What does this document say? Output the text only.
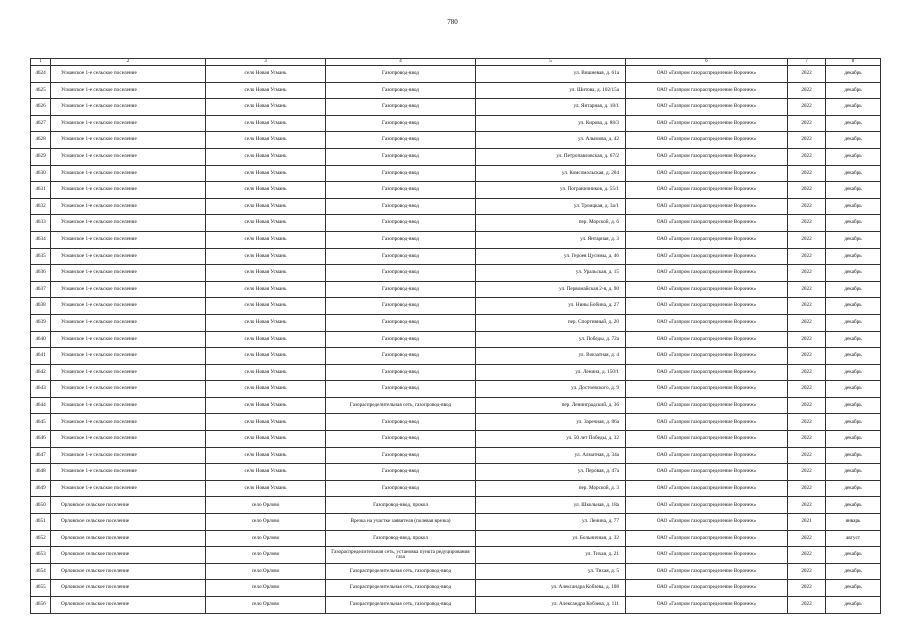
780
1	2	3	4	5	6	7	8
4624	Усманское 1-е сельское поселение	село Новая Усмань	Газопровод-ввод	ул. Вишневая, д. 61а	ОАО «Газпром газораспределение Воронеж»	2022	декабрь
4625	Усманское 1-е сельское поселение	село Новая Усмань	Газопровод-ввод	ул. Шитова, д. 102/15а	ОАО «Газпром газораспределение Воронеж»	2022	декабрь
4626	Усманское 1-е сельское поселение	село Новая Усмань	Газопровод-ввод	ул. Янтарная, д. 18/1	ОАО «Газпром газораспределение Воронеж»	2022	декабрь
4627	Усманское 1-е сельское поселение	село Новая Усмань	Газопровод-ввод	ул. Кирова, д. 88/3	ОАО «Газпром газораспределение Воронеж»	2022	декабрь
4628	Усманское 1-е сельское поселение	село Новая Усмань	Газопровод-ввод	ул. Алымова, д. 42	ОАО «Газпром газораспределение Воронеж»	2022	декабрь
4629	Усманское 1-е сельское поселение	село Новая Усмань	Газопровод-ввод	ул. Петропавловская, д. 67/2	ОАО «Газпром газораспределение Воронеж»	2022	декабрь
4630	Усманское 1-е сельское поселение	село Новая Усмань	Газопровод-ввод	ул. Комсомольская, д. 204	ОАО «Газпром газораспределение Воронеж»	2022	декабрь
4631	Усманское 1-е сельское поселение	село Новая Усмань	Газопровод-ввод	ул. Пограничников, д. 55/1	ОАО «Газпром газораспределение Воронеж»	2022	декабрь
4632	Усманское 1-е сельское поселение	село Новая Усмань	Газопровод-ввод	ул. Троицкая, д. 3а/1	ОАО «Газпром газораспределение Воронеж»	2022	декабрь
4633	Усманское 1-е сельское поселение	село Новая Усмань	Газопровод-ввод	пер. Морской, д. 6	ОАО «Газпром газораспределение Воронеж»	2022	декабрь
4634	Усманское 1-е сельское поселение	село Новая Усмань	Газопровод-ввод	ул. Янтарная, д. 3	ОАО «Газпром газораспределение Воронеж»	2022	декабрь
4635	Усманское 1-е сельское поселение	село Новая Усмань	Газопровод-ввод	ул. Героев Цусимы, д. 46	ОАО «Газпром газораспределение Воронеж»	2022	декабрь
4636	Усманское 1-е сельское поселение	село Новая Усмань	Газопровод-ввод	ул. Уральская, д. 15	ОАО «Газпром газораспределение Воронеж»	2022	декабрь
4637	Усманское 1-е сельское поселение	село Новая Усмань	Газопровод-ввод	ул. Первомайская 2-я, д. 90	ОАО «Газпром газораспределение Воронеж»	2022	декабрь
4638	Усманское 1-е сельское поселение	село Новая Усмань	Газопровод-ввод	ул. Нины Бобина, д. 27	ОАО «Газпром газораспределение Воронеж»	2022	декабрь
4639	Усманское 1-е сельское поселение	село Новая Усмань	Газопровод-ввод	пер. Спортивный, д. 20	ОАО «Газпром газораспределение Воронеж»	2022	декабрь
4640	Усманское 1-е сельское поселение	село Новая Усмань	Газопровод-ввод	ул. Победы, д. 72а	ОАО «Газпром газораспределение Воронеж»	2022	декабрь
4641	Усманское 1-е сельское поселение	село Новая Усмань	Газопровод-ввод	ул. Вокзатная, д. 4	ОАО «Газпром газораспределение Воронеж»	2022	декабрь
4642	Усманское 1-е сельское поселение	село Новая Усмань	Газопровод-ввод	ул. Ленина, д. 150/1	ОАО «Газпром газораспределение Воронеж»	2022	декабрь
4643	Усманское 1-е сельское поселение	село Новая Усмань	Газопровод-ввод	ул. Достоевского, д. 9	ОАО «Газпром газораспределение Воронеж»	2022	декабрь
4644	Усманское 1-е сельское поселение	село Новая Усмань	Газораспределительная сеть, газопровод-ввод	пер. Ленинградский, д. 36	ОАО «Газпром газораспределение Воронеж»	2022	декабрь
4645	Усманское 1-е сельское поселение	село Новая Усмань	Газопровод-ввод	ул. Заречная, д. 86а	ОАО «Газпром газораспределение Воронеж»	2022	декабрь
4646	Усманское 1-е сельское поселение	село Новая Усмань	Газопровод-ввод	ул. 50 лет Победы, д. 32	ОАО «Газпром газораспределение Воронеж»	2022	декабрь
4647	Усманское 1-е сельское поселение	село Новая Усмань	Газопровод-ввод	ул. Алматная, д. 34а	ОАО «Газпром газораспределение Воронеж»	2022	декабрь
4648	Усманское 1-е сельское поселение	село Новая Усмань	Газопровод-ввод	ул. Перовая, д. 47а	ОАО «Газпром газораспределение Воронеж»	2022	декабрь
4649	Усманское 1-е сельское поселение	село Новая Усмань	Газопровод-ввод	пер. Морской, д. 3	ОАО «Газпром газораспределение Воронеж»	2022	декабрь
4650	Орловское сельское поселение	село Орлово	Газопровод-ввод, прокол	ул. Школьная, д. 18а	ОАО «Газпром газораспределение Воронеж»	2022	декабрь
4651	Орловское сельское поселение	село Орлово	Врезка на участке заявителя (полевая врезка)	ул. Ленина, д. 77	ОАО «Газпром газораспределение Воронеж»	2021	январь
4652	Орловское сельское поселение	село Орлово	Газопровод-ввод, прокол	ул. Больничная, д. 32	ОАО «Газпром газораспределение Воронеж»	2022	август
4653	Орловское сельское поселение	село Орлово	Газораспределительная сеть, установка пункта редуцирования газа	ул. Тихая, д. 21	ОАО «Газпром газораспределение Воронеж»	2022	декабрь
4654	Орловское сельское поселение	село Орлово	Газораспределительная сеть, газопровод-ввод	ул. Тихая, д. 5	ОАО «Газпром газораспределение Воронеж»	2022	декабрь
4655	Орловское сельское поселение	село Орлово	Газораспределительная сеть, газопровод-ввод	ул. Александра Кобзева, д. 108	ОАО «Газпром газораспределение Воронеж»	2022	декабрь
4656	Орловское сельское поселение	село Орлово	Газораспределительная сеть, газопровод-ввод	ул. Александра Кобзева, д. 111	ОАО «Газпром газораспределение Воронеж»	2022	декабрь
